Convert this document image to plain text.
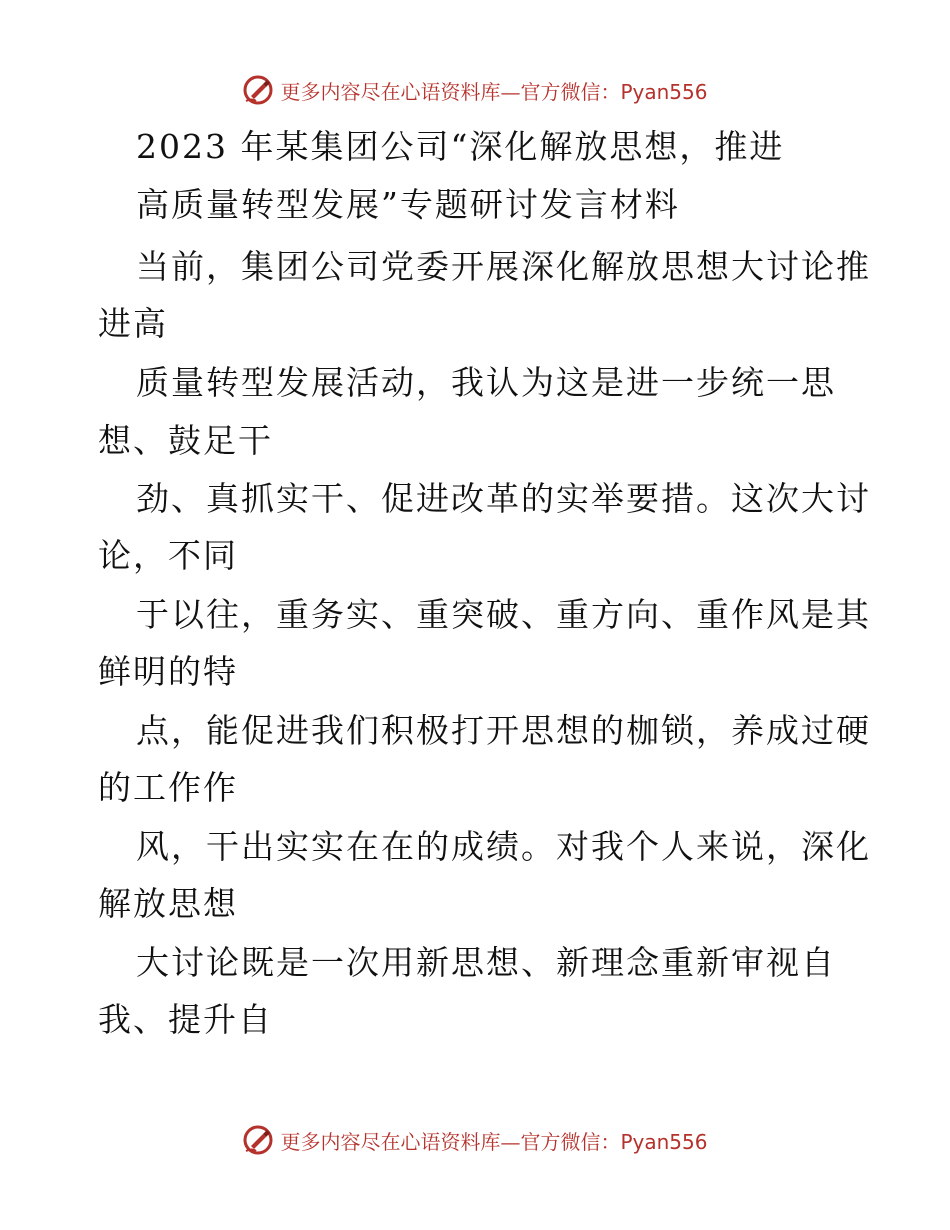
更多内容尽在心语资料库—官方微信：Pyan556
2023 年某集团公司“深化解放思想，推进
高质量转型发展”专题研讨发言材料
当前，集团公司党委开展深化解放思想大讨论推
进高
质量转型发展活动，我认为这是进一步统一思
想、鼓足干
劲、真抓实干、促进改革的实举要措。这次大讨
论，不同
于以往，重务实、重突破、重方向、重作风是其
鲜明的特
点，能促进我们积极打开思想的枷锁，养成过硬
的工作作
风，干出实实在在的成绩。对我个人来说，深化
解放思想
大讨论既是一次用新思想、新理念重新审视自
我、提升自
更多内容尽在心语资料库—官方微信：Pyan556
